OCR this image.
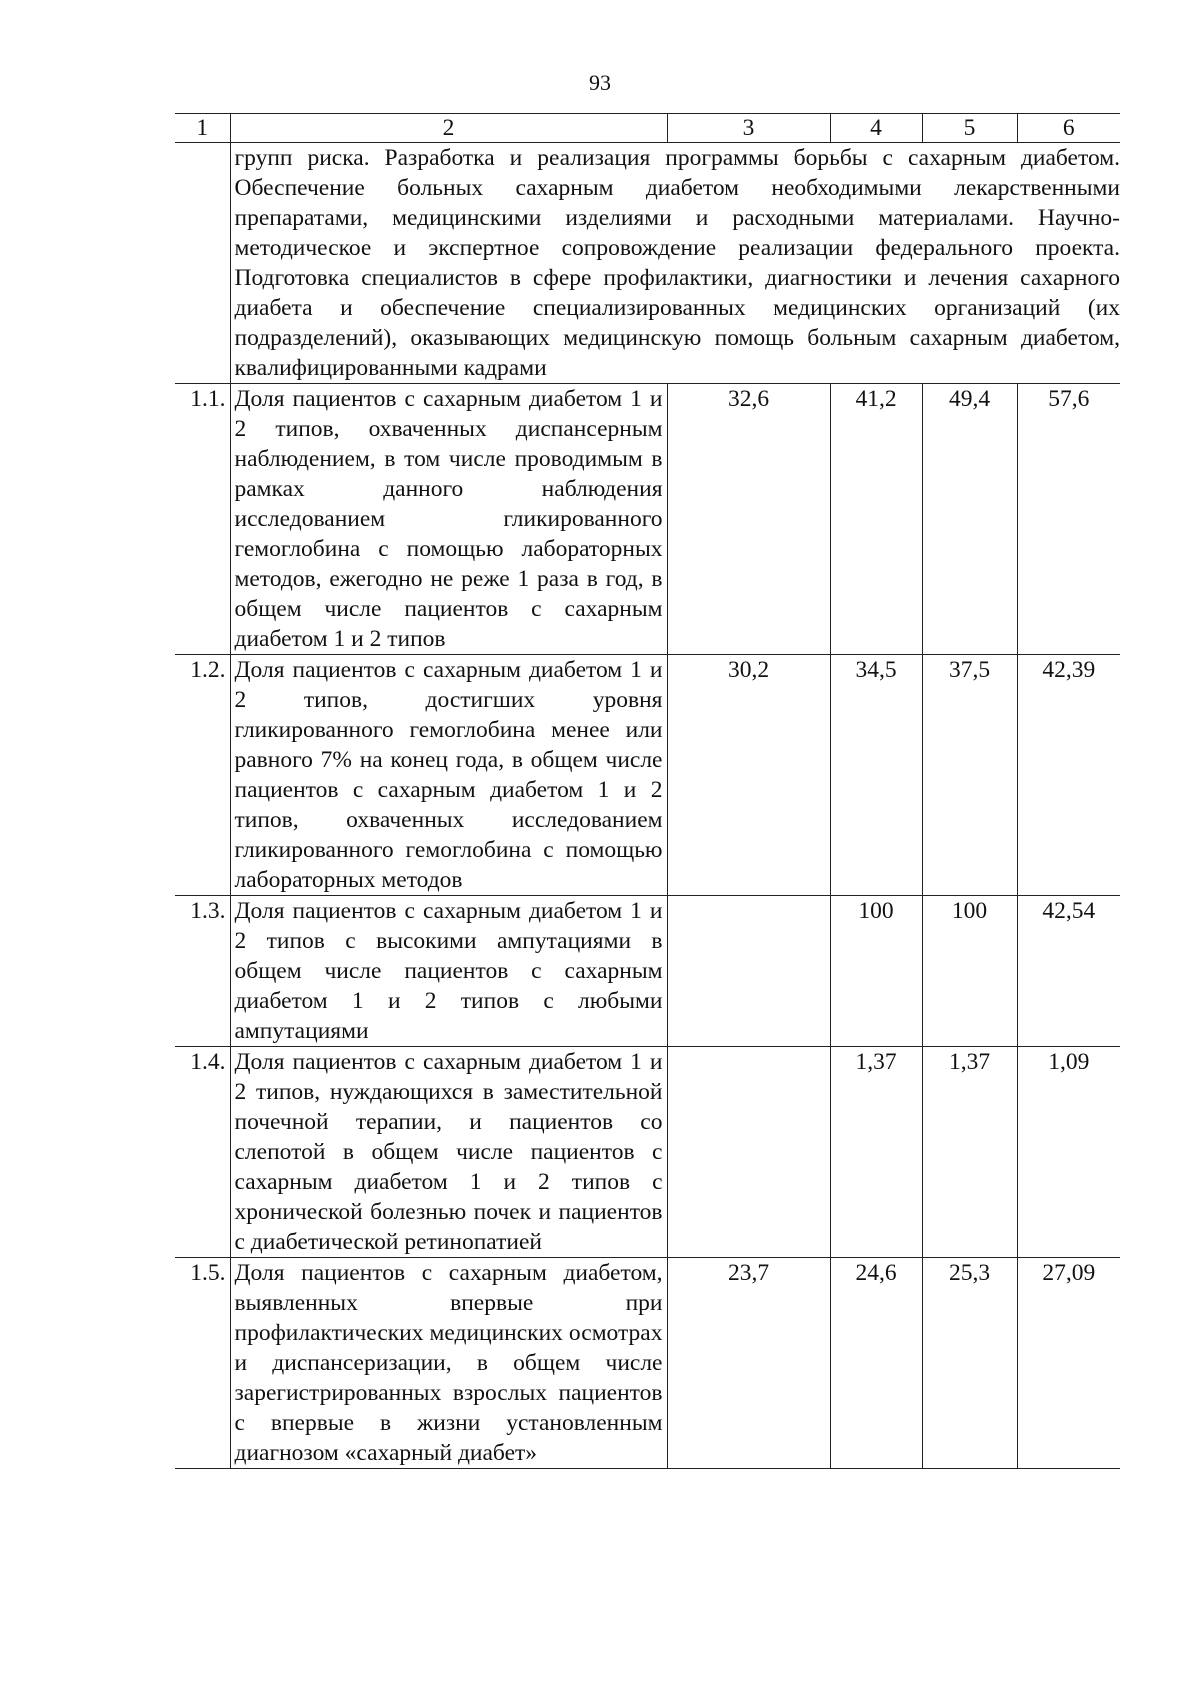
93
1	2	3	4	5	6
	групп риска. Разработка и реализация программы борьбы с сахарным диабетом. Обеспечение больных сахарным диабетом необходимыми лекарственными препаратами, медицинскими изделиями и расходными материалами. Научно-методическое и экспертное сопровождение реализации федерального проекта. Подготовка специалистов в сфере профилактики, диагностики и лечения сахарного диабета и обеспечение специализированных медицинских организаций (их подразделений), оказывающих медицинскую помощь больным сахарным диабетом, квалифицированными кадрами				
1.1.	Доля пациентов с сахарным диабетом 1 и 2 типов, охваченных диспансерным наблюдением, в том числе проводимым в рамках данного наблюдения исследованием гликированного гемоглобина с помощью лабораторных методов, ежегодно не реже 1 раза в год, в общем числе пациентов с сахарным диабетом 1 и 2 типов	32,6	41,2	49,4	57,6
1.2.	Доля пациентов с сахарным диабетом 1 и 2 типов, достигших уровня гликированного гемоглобина менее или равного 7% на конец года, в общем числе пациентов с сахарным диабетом 1 и 2 типов, охваченных исследованием гликированного гемоглобина с помощью лабораторных методов	30,2	34,5	37,5	42,39
1.3.	Доля пациентов с сахарным диабетом 1 и 2 типов с высокими ампутациями в общем числе пациентов с сахарным диабетом 1 и 2 типов с любыми ампутациями		100	100	42,54
1.4.	Доля пациентов с сахарным диабетом 1 и 2 типов, нуждающихся в заместительной почечной терапии, и пациентов со слепотой в общем числе пациентов с сахарным диабетом 1 и 2 типов с хронической болезнью почек и пациентов с диабетической ретинопатией		1,37	1,37	1,09
1.5.	Доля пациентов с сахарным диабетом, выявленных впервые при профилактических медицинских осмотрах и диспансеризации, в общем числе зарегистрированных взрослых пациентов с впервые в жизни установленным диагнозом «сахарный диабет»	23,7	24,6	25,3	27,09
